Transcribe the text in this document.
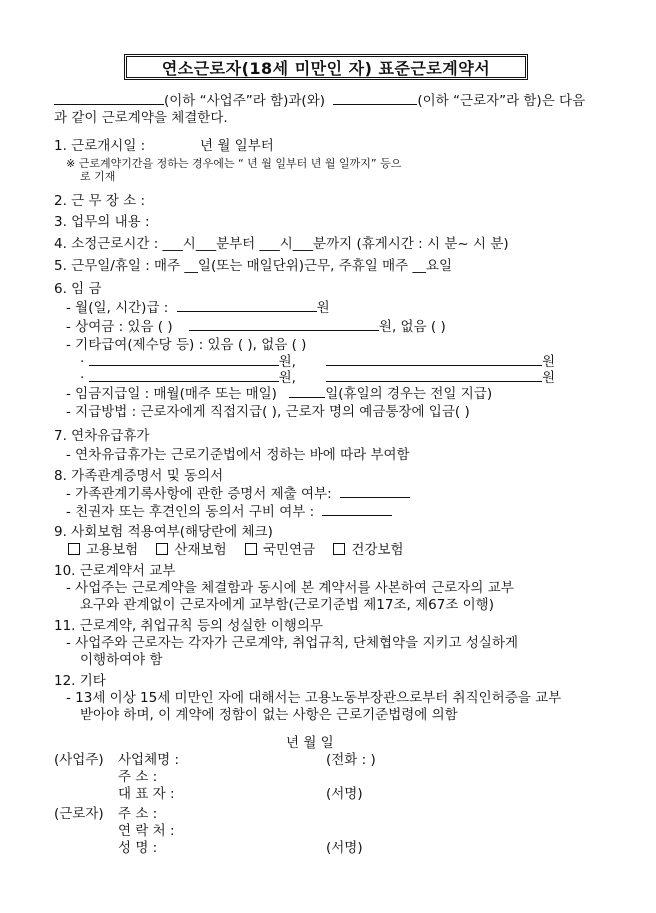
연소근로자(18세 미만인 자) 표준근로계약서
(이하 “사업주”라 함)과(와)	(이하 “근로자”라 함)은 다음
과 같이 근로계약을 체결한다.
1. 근로개시일 :	년 월 일부터
※ 근로계약기간을 정하는 경우에는 “ 년 월 일부터 년 월 일까지” 등으
로 기재
2. 근 무 장 소 :
3. 업무의 내용 :
4. 소정근로시간 : ___시___분부터 ___시___분까지 (휴게시간 : 시 분~ 시 분)
5. 근무일/휴일 : 매주 __일(또는 매일단위)근무, 주휴일 매주 __요일
6. 임 금
- 월(일, 시간)급 :	원
- 상여금 : 있음 ( )	원, 없음 ( )
- 기타급여(제수당 등) : 있음 ( ), 없음 ( )
·	원,	원
·	원,	원
- 임금지급일 : 매월(매주 또는 매일)	일(휴일의 경우는 전일 지급)
- 지급방법 : 근로자에게 직접지급( ), 근로자 명의 예금통장에 입금( )
7. 연차유급휴가
- 연차유급휴가는 근로기준법에서 정하는 바에 따라 부여함
8. 가족관계증명서 및 동의서
- 가족관계기록사항에 관한 증명서 제출 여부:
- 친권자 또는 후견인의 동의서 구비 여부 :
9. 사회보험 적용여부(해당란에 체크)
고용보험	산재보험	국민연금	건강보험
10. 근로계약서 교부
- 사업주는 근로계약을 체결함과 동시에 본 계약서를 사본하여 근로자의 교부
요구와 관계없이 근로자에게 교부함(근로기준법 제17조, 제67조 이행)
11. 근로계약, 취업규칙 등의 성실한 이행의무
- 사업주와 근로자는 각자가 근로계약, 취업규칙, 단체협약을 지키고 성실하게
이행하여야 함
12. 기타
- 13세 이상 15세 미만인 자에 대해서는 고용노동부장관으로부터 취직인허증을 교부
받아야 하며, 이 계약에 정함이 없는 사항은 근로기준법령에 의함
년 월 일
(사업주) 사업체명 :	(전화 : )
주 소 :
대 표 자 :	(서명)
(근로자) 주 소 :
연 락 처 :
성 명 :	(서명)
